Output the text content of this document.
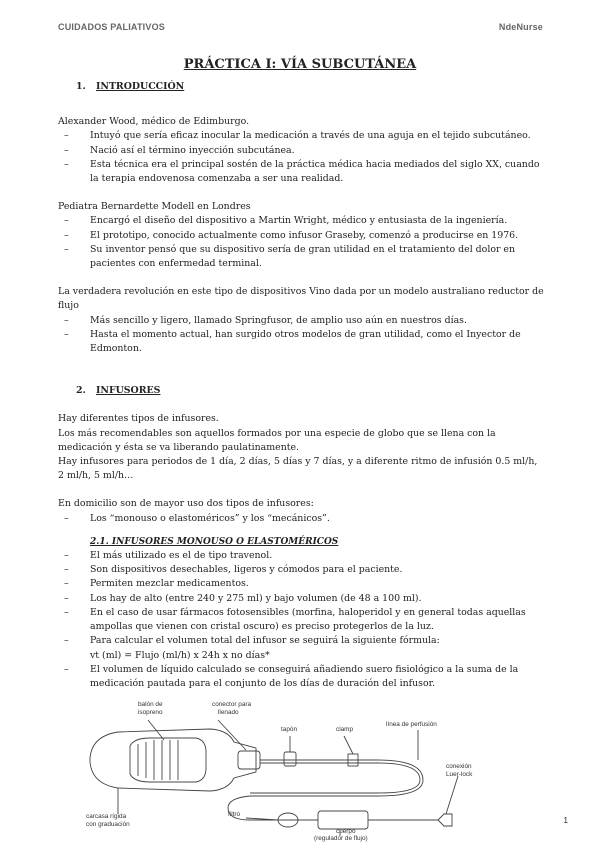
CUIDADOS PALIATIVOS	NdeNurse
PRÁCTICA I: VÍA SUBCUTÁNEA

1. INTRODUCCIÓN

Alexander Wood, médico de Edimburgo.

– Intuyó que sería eficaz inocular la medicación a través de una aguja en el tejido subcutáneo.
– Nació así el término inyección subcutánea.
– Esta técnica era el principal sostén de la práctica médica hacia mediados del siglo XX, cuando la terapia endovenosa comenzaba a ser una realidad.

Pediatra Bernardette Modell en Londres

– Encargó el diseño del dispositivo a Martin Wright, médico y entusiasta de la ingeniería.
– El prototipo, conocido actualmente como infusor Graseby, comenzó a producirse en 1976.
– Su inventor pensó que su dispositivo sería de gran utilidad en el tratamiento del dolor en pacientes con enfermedad terminal.

La verdadera revolución en este tipo de dispositivos Vino dada por un modelo australiano reductor de flujo

– Más sencillo y ligero, llamado Springfusor, de amplio uso aún en nuestros días.
– Hasta el momento actual, han surgido otros modelos de gran utilidad, como el Inyector de Edmonton.

2. INFUSORES

Hay diferentes tipos de infusores.

Los más recomendables son aquellos formados por una especie de globo que se llena con la medicación y ésta se va liberando paulatinamente.

Hay infusores para periodos de 1 día, 2 días, 5 días y 7 días, y a diferente ritmo de infusión 0.5 ml/h, 2 ml/h, 5 ml/h…

En domicilio son de mayor uso dos tipos de infusores:

– Los “monouso o elastoméricos” y los “mecánicos”.

2.1. INFUSORES MONOUSO O ELASTOMÉRICOS

– El más utilizado es el de tipo travenol.
– Son dispositivos desechables, ligeros y cómodos para el paciente.
– Permiten mezclar medicamentos.
– Los hay de alto (entre 240 y 275 ml) y bajo volumen (de 48 a 100 ml).
– En el caso de usar fármacos fotosensibles (morfina, haloperidol y en general todas aquellas ampollas que vienen con cristal oscuro) es preciso protegerlos de la luz.
– Para calcular el volumen total del infusor se seguirá la siguiente fórmula:

vt (ml) = Flujo (ml/h) x 24h x no días*

– El volumen de líquido calculado se conseguirá añadiendo suero fisiológico a la suma de la medicación pautada para el conjunto de los días de duración del infusor.
balón de
isopreno
conector para
llenado
tapón	clamp
línea de perfusión
conexión
Luer-lock
carcasa rígida
con graduación
filtro
cuerpo
(regulador de flujo)
1
